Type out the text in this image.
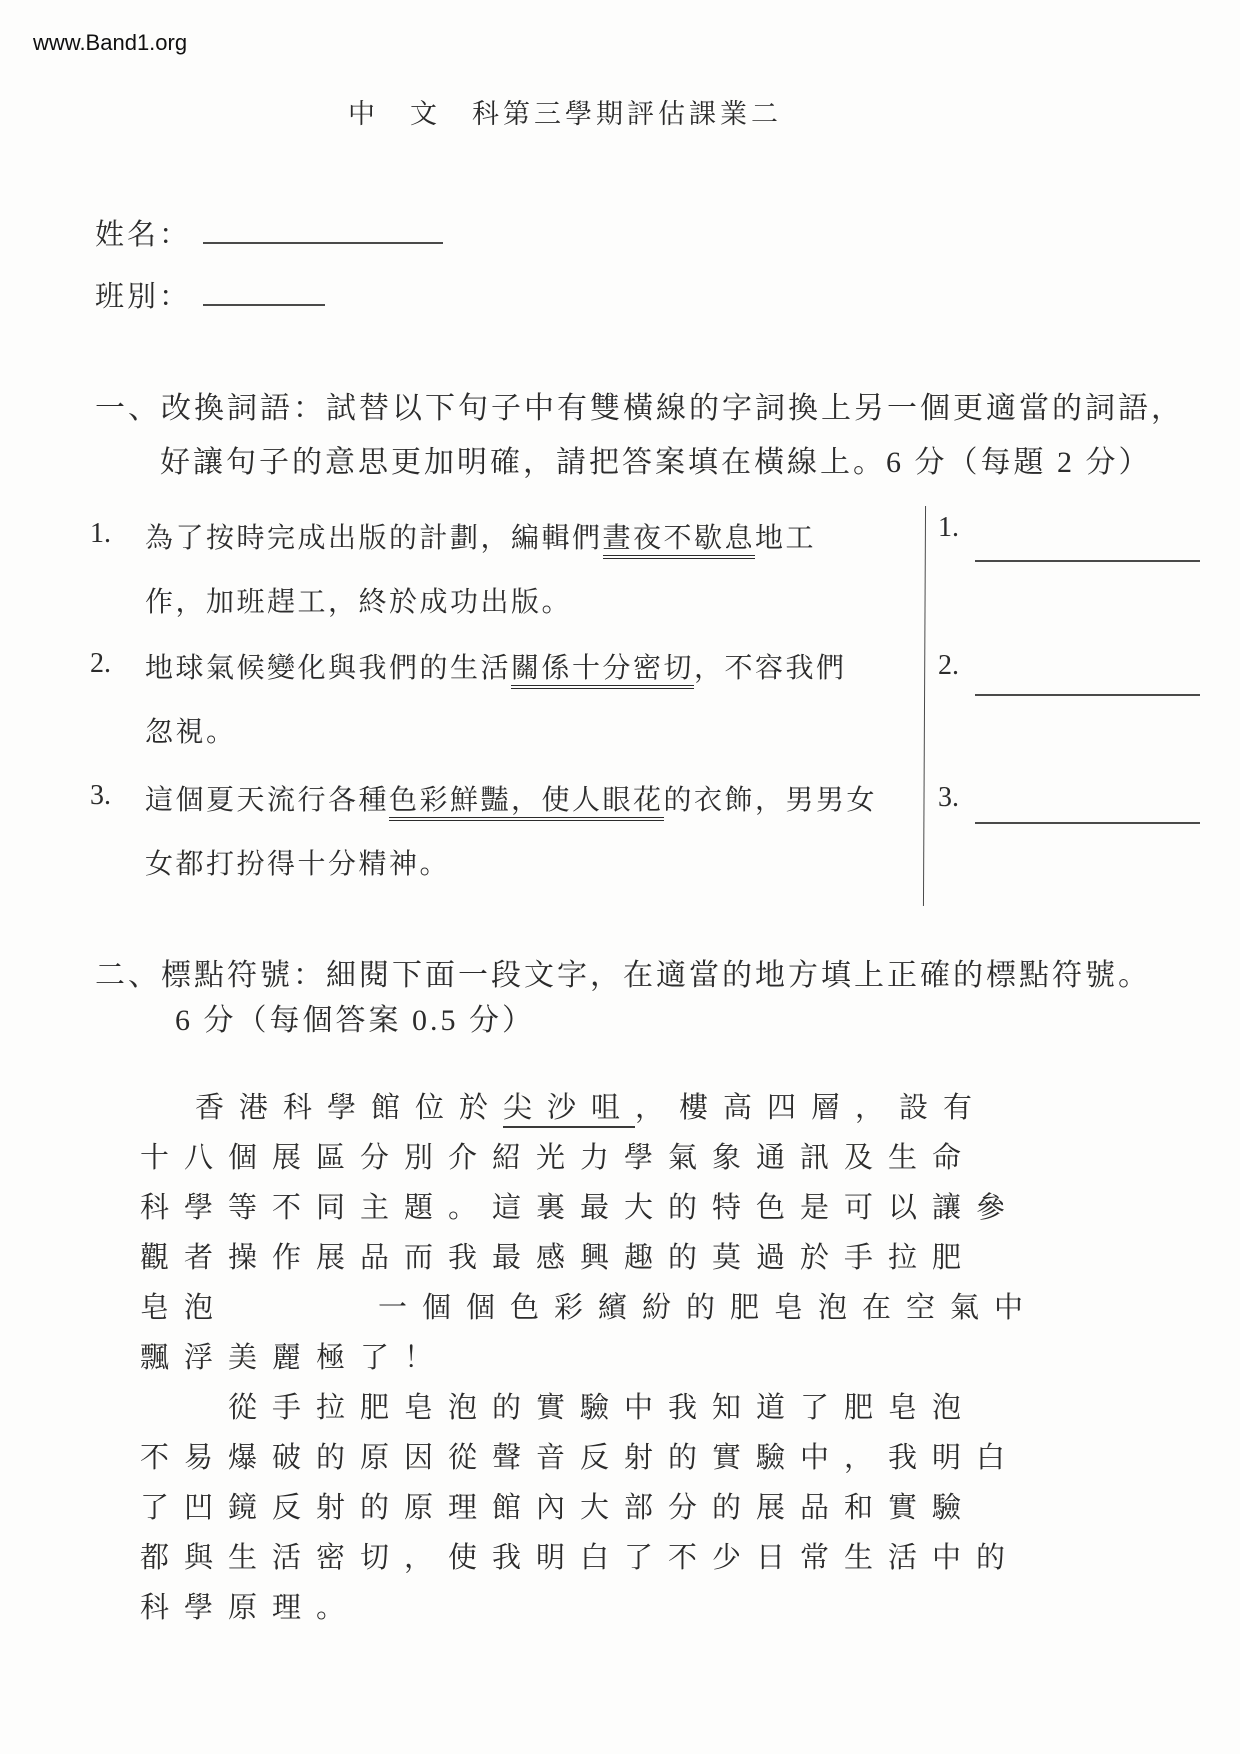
www.Band1.org
中　文　科第三學期評估課業二
姓名：
班別：
一、改換詞語：試替以下句子中有雙橫線的字詞換上另一個更適當的詞語，
好讓句子的意思更加明確，請把答案填在橫線上。6 分（每題 2 分）
1. 為了按時完成出版的計劃，編輯們晝夜不歇息地工
作，加班趕工，終於成功出版。
2. 地球氣候變化與我們的生活關係十分密切，不容我們
忽視。
3. 這個夏天流行各種色彩鮮豔，使人眼花的衣飾，男男女
女都打扮得十分精神。
1.
2.
3.
二、標點符號：細閱下面一段文字，在適當的地方填上正確的標點符號。
6 分（每個答案 0.5 分）
香港科學館位於尖沙咀，樓高四層，設有
十八個展區分別介紹光力學氣象通訊及生命
科學等不同主題。這裏最大的特色是可以讓參
觀者操作展品而我最感興趣的莫過於手拉肥
皂泡	一個個色彩繽紛的肥皂泡在空氣中
飄浮美麗極了！
從手拉肥皂泡的實驗中我知道了肥皂泡
不易爆破的原因從聲音反射的實驗中，我明白
了凹鏡反射的原理館內大部分的展品和實驗
都與生活密切，使我明白了不少日常生活中的
科學原理。
